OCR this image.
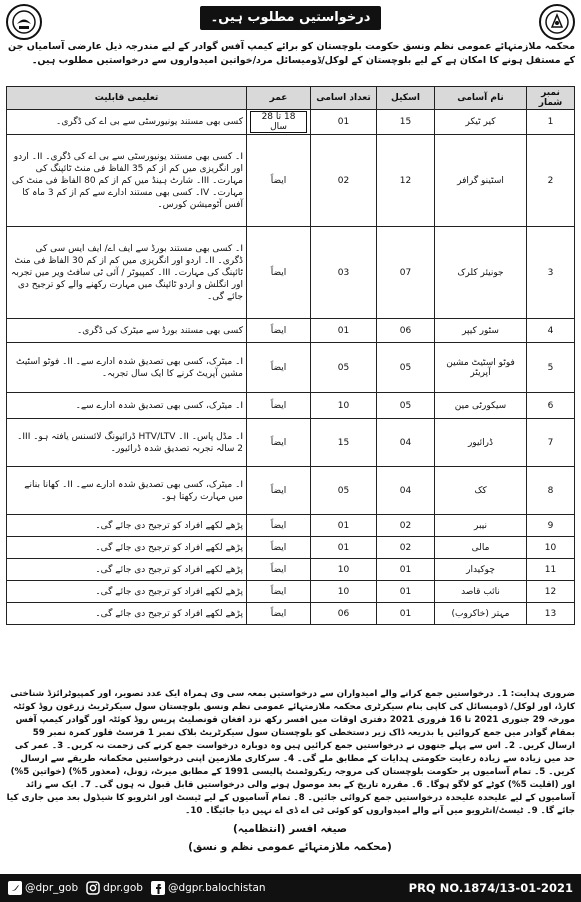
درخواستیں مطلوب ہیں۔
محکمہ ملازمتہائے عمومی نظم ونسق حکومت بلوچستان کو برائے کیمپ آفس گوادر کے لیے مندرجہ ذیل عارضی آسامیاں جن کے مستقل ہونے کا امکان ہے کے لیے بلوچستان کے لوکل/ڈومیسائل مرد/خواتین امیدواروں سے درخواستیں مطلوب ہیں۔
نمبر شمار	نام آسامی	اسکیل	تعداد اسامی	عمر	تعلیمی قابلیت
1	کیر ٹیکر	15	01	18 تا 28 سال	کسی بھی مستند یونیورسٹی سے بی اے کی ڈگری۔
2	اسٹینو گرافر	12	02	ایضاً	I۔ کسی بھی مستند یونیورسٹی سے بی اے کی ڈگری۔ II۔ اردو اور انگریزی میں کم از کم 35 الفاظ فی منٹ ٹائپنگ کی مہارت۔ III۔ شارٹ ہینڈ میں کم از کم 80 الفاظ فی منٹ کی مہارت۔ IV۔ کسی بھی مستند ادارے سے کم از کم 3 ماہ کا آفس آٹومیشن کورس۔
3	جونیئر کلرک	07	03	ایضاً	I۔ کسی بھی مستند بورڈ سے ایف اے/ ایف ایس سی کی ڈگری۔ II۔ اردو اور انگریزی میں کم از کم 30 الفاظ فی منٹ ٹائپنگ کی مہارت۔ III۔ کمپیوٹر / آئی ٹی سافٹ ویر میں تجربہ اور انگلش و اردو ٹائپنگ میں مہارت رکھنے والے کو ترجیح دی جائے گی۔
4	سٹور کیپر	06	01	ایضاً	کسی بھی مستند بورڈ سے میٹرک کی ڈگری۔
5	فوٹو اسٹیٹ مشین آپریٹر	05	05	ایضاً	I۔ میٹرک، کسی بھی تصدیق شدہ ادارے سے۔ II۔ فوٹو اسٹیٹ مشین آپریٹ کرنے کا ایک سال تجربہ۔
6	سیکورٹی مین	05	10	ایضاً	I۔ میٹرک، کسی بھی تصدیق شدہ ادارے سے۔
7	ڈرائیور	04	15	ایضاً	I۔ مڈل پاس۔ II۔ HTV/LTV ڈرائیونگ لائسنس یافتہ ہو۔ III۔ 2 سالہ تجربہ تصدیق شدہ ڈرائیور۔
8	کک	04	05	ایضاً	I۔ میٹرک، کسی بھی تصدیق شدہ ادارے سے۔ II۔ کھانا بنانے میں مہارت رکھتا ہو۔
9	نیبر	02	01	ایضاً	پڑھے لکھے افراد کو ترجیح دی جائے گی۔
10	مالی	02	01	ایضاً	پڑھے لکھے افراد کو ترجیح دی جائے گی۔
11	چوکیدار	01	10	ایضاً	پڑھے لکھے افراد کو ترجیح دی جائے گی۔
12	نائب قاصد	01	10	ایضاً	پڑھے لکھے افراد کو ترجیح دی جائے گی۔
13	مہتر (خاکروب)	01	06	ایضاً	پڑھے لکھے افراد کو ترجیح دی جائے گی۔
ضروری ہدایت: 1۔ درخواستیں جمع کرانے والے امیدواران سے درخواستیں بمعہ سی وی ہمراہ ایک عدد تصویر، اور کمپیوٹرائزڈ شناختی کارڈ، اور لوکل/ ڈومیسائل کی کاپی بنام سیکرٹری محکمہ ملازمتہائے عمومی نظم ونسق بلوچستان سول سیکرٹریٹ زرغون روڈ کوئٹہ مورخہ 29 جنوری 2021 تا 16 فروری 2021 دفتری اوقات میں افسر رکھ نزد افغان قونصلیٹ پریس روڈ کوئٹہ اور گوادر کیمپ آفس بمقام گوادر میں جمع کروائیں یا بذریعہ ڈاک زیر دستخطی کو بلوچستان سول سیکرٹریٹ بلاک نمبر 1 فرسٹ فلور کمرہ نمبر 59 ارسال کریں۔ 2۔ اس سے پہلے جنھوں نے درخواستیں جمع کرائیں ہیں وہ دوبارہ درخواست جمع کرنے کی زحمت نہ کریں۔ 3۔ عمر کی حد میں زیادہ سے زیادہ رعایت حکومتی ہدایات کے مطابق ملے گی۔ 4۔ سرکاری ملازمین اپنی درخواستیں محکمانہ طریقے سے ارسال کریں۔ 5۔ تمام آسامیوں پر حکومت بلوچستان کی مروجہ ریکروٹمنٹ پالیسی 1991 کے مطابق میرٹ، زونل، (معذور 5%) (خواتین 5%) اور (اقلیت 5%) کوٹے کو لاگو ہوگا۔ 6۔ مقررہ تاریخ کے بعد موصول ہونے والی درخواستیں قابل قبول نہ ہوں گی۔ 7۔ ایک سے زائد آسامیوں کے لیے علیحدہ علیحدہ درخواستیں جمع کروائی جائیں۔ 8۔ تمام آسامیوں کے لیے ٹیسٹ اور انٹرویو کا شیڈول بعد میں جاری کیا جائے گا۔ 9۔ ٹیسٹ/انٹرویو میں آنے والے امیدواروں کو کوئی ٹی اے ڈی اے نہیں دیا جائیگا۔ 10۔
صیغہ افسر (انتظامیہ)
(محکمہ ملازمتہائے عمومی نظم و نسق)
@dpr_gob dpr.gob @dgpr.balochistan	PRQ NO.1874/13-01-2021
